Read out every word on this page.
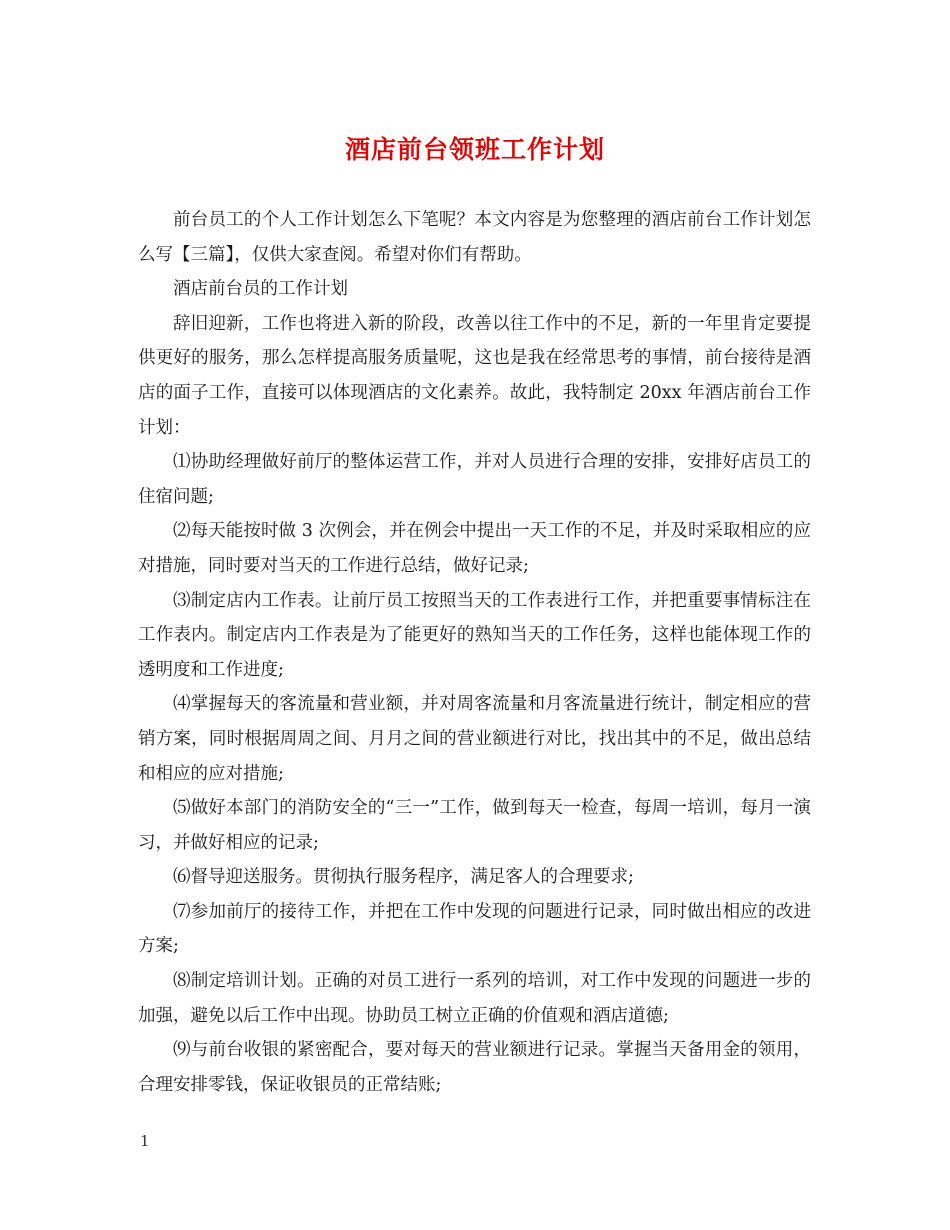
酒店前台领班工作计划

前台员工的个人工作计划怎么下笔呢？本文内容是为您整理的酒店前台工作计划怎么写【三篇】，仅供大家查阅。希望对你们有帮助。

酒店前台员的工作计划

辞旧迎新，工作也将进入新的阶段，改善以往工作中的不足，新的一年里肯定要提供更好的服务，那么怎样提高服务质量呢，这也是我在经常思考的事情，前台接待是酒店的面子工作，直接可以体现酒店的文化素养。故此，我特制定 20xx 年酒店前台工作计划：

⑴协助经理做好前厅的整体运营工作，并对人员进行合理的安排，安排好店员工的住宿问题;

⑵每天能按时做 3 次例会，并在例会中提出一天工作的不足，并及时采取相应的应对措施，同时要对当天的工作进行总结，做好记录;

⑶制定店内工作表。让前厅员工按照当天的工作表进行工作，并把重要事情标注在工作表内。制定店内工作表是为了能更好的熟知当天的工作任务，这样也能体现工作的透明度和工作进度;

⑷掌握每天的客流量和营业额，并对周客流量和月客流量进行统计，制定相应的营销方案，同时根据周周之间、月月之间的营业额进行对比，找出其中的不足，做出总结和相应的应对措施;

⑸做好本部门的消防安全的“三一”工作，做到每天一检查，每周一培训，每月一演习，并做好相应的记录;

⑹督导迎送服务。贯彻执行服务程序，满足客人的合理要求;

⑺参加前厅的接待工作，并把在工作中发现的问题进行记录，同时做出相应的改进方案;

⑻制定培训计划。正确的对员工进行一系列的培训，对工作中发现的问题进一步的加强，避免以后工作中出现。协助员工树立正确的价值观和酒店道德;

⑼与前台收银的紧密配合，要对每天的营业额进行记录。掌握当天备用金的领用，合理安排零钱，保证收银员的正常结账;

1
